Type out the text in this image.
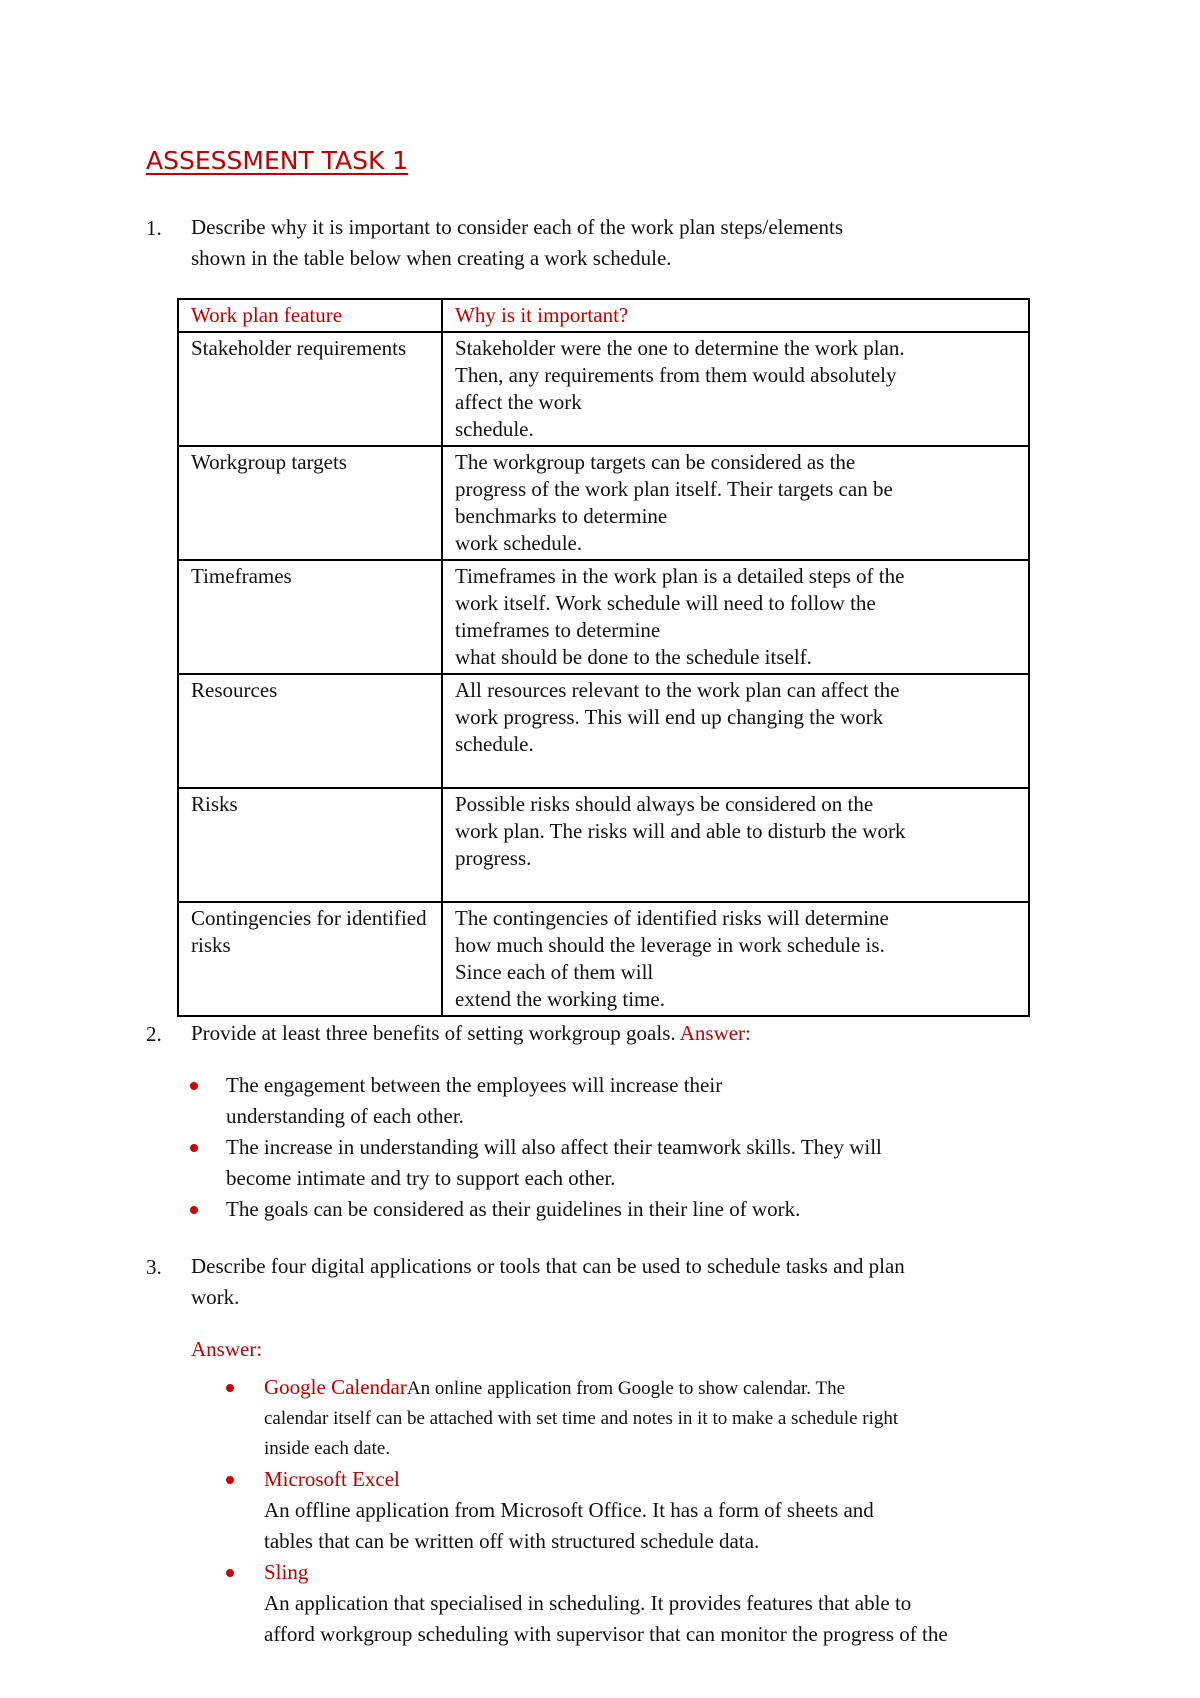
ASSESSMENT TASK 1
1. Describe why it is important to consider each of the work plan steps/elements
shown in the table below when creating a work schedule.
Work plan feature	Why is it important?
Stakeholder requirements	Stakeholder were the one to determine the work plan.
Then, any requirements from them would absolutely
affect the work
schedule.

Workgroup targets	The workgroup targets can be considered as the
progress of the work plan itself. Their targets can be
benchmarks to determine
work schedule.

Timeframes	Timeframes in the work plan is a detailed steps of the
work itself. Work schedule will need to follow the
timeframes to determine
what should be done to the schedule itself.

Resources	All resources relevant to the work plan can affect the
work progress. This will end up changing the work
schedule.

Risks	Possible risks should always be considered on the
work plan. The risks will and able to disturb the work
progress.

Contingencies for identified risks	The contingencies of identified risks will determine
how much should the leverage in work schedule is.
Since each of them will
extend the working time.
2. Provide at least three benefits of setting workgroup goals. Answer:
The engagement between the employees will increase their
understanding of each other.
The increase in understanding will also affect their teamwork skills. They will
become intimate and try to support each other.
The goals can be considered as their guidelines in their line of work.
3. Describe four digital applications or tools that can be used to schedule tasks and plan
work.
Answer:
Google CalendarAn online application from Google to show calendar. The
calendar itself can be attached with set time and notes in it to make a schedule right
inside each date.
Microsoft Excel
An offline application from Microsoft Office. It has a form of sheets and
tables that can be written off with structured schedule data.
Sling
An application that specialised in scheduling. It provides features that able to
afford workgroup scheduling with supervisor that can monitor the progress of the
